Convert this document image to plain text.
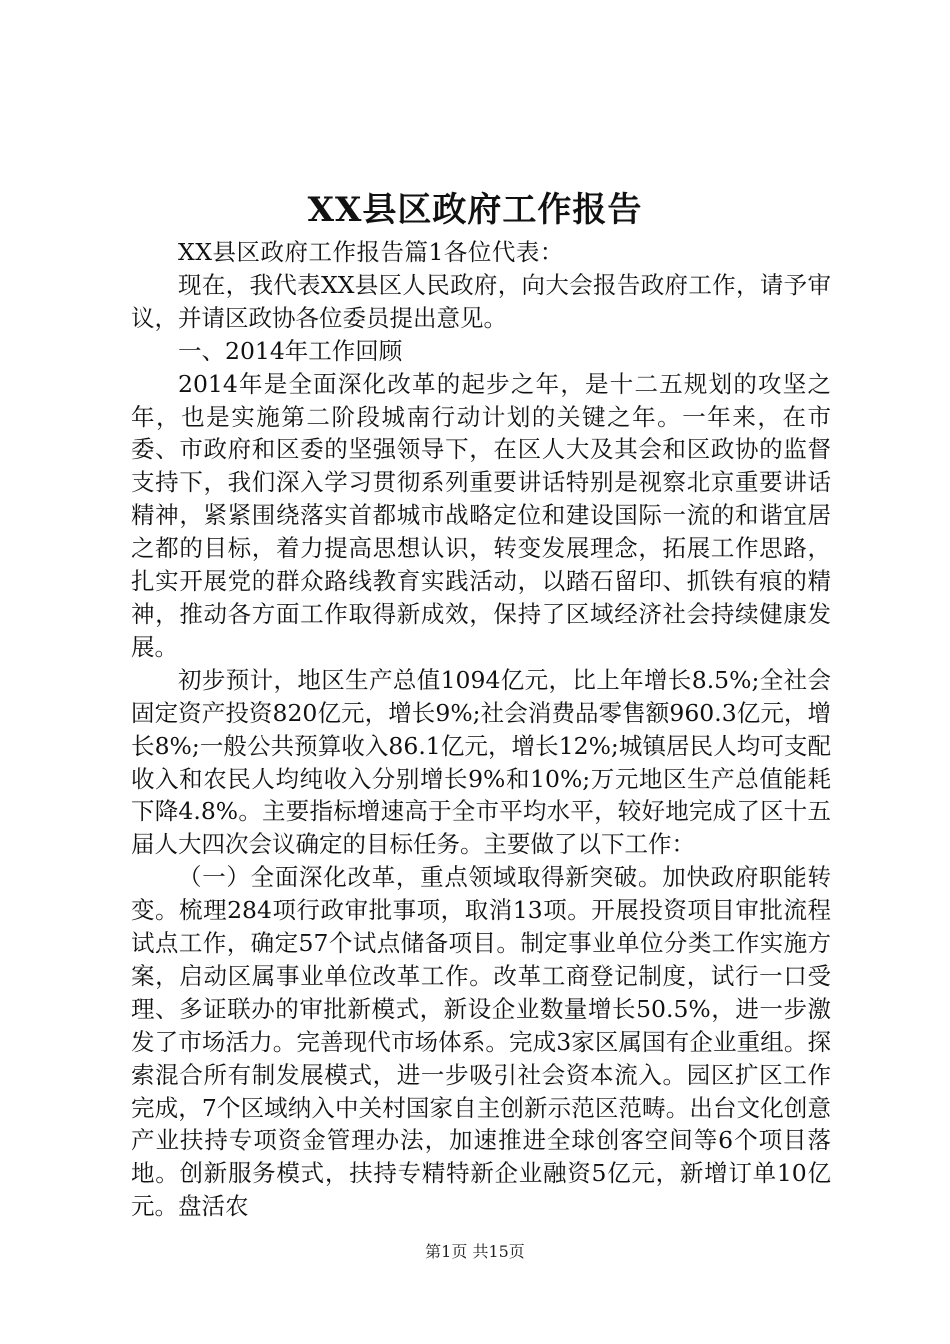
XX县区政府工作报告

XX县区政府工作报告篇1各位代表：

现在，我代表XX县区人民政府，向大会报告政府工作，请予审议，并请区政协各位委员提出意见。

一、2014年工作回顾

2014年是全面深化改革的起步之年，是十二五规划的攻坚之年，也是实施第二阶段城南行动计划的关键之年。一年来，在市委、市政府和区委的坚强领导下，在区人大及其会和区政协的监督支持下，我们深入学习贯彻系列重要讲话特别是视察北京重要讲话精神，紧紧围绕落实首都城市战略定位和建设国际一流的和谐宜居之都的目标，着力提高思想认识，转变发展理念，拓展工作思路，扎实开展党的群众路线教育实践活动，以踏石留印、抓铁有痕的精神，推动各方面工作取得新成效，保持了区域经济社会持续健康发展。

初步预计，地区生产总值1094亿元，比上年增长8.5%;全社会固定资产投资820亿元，增长9%;社会消费品零售额960.3亿元，增长8%;一般公共预算收入86.1亿元，增长12%;城镇居民人均可支配收入和农民人均纯收入分别增长9%和10%;万元地区生产总值能耗下降4.8%。主要指标增速高于全市平均水平，较好地完成了区十五届人大四次会议确定的目标任务。主要做了以下工作：

（一）全面深化改革，重点领域取得新突破。加快政府职能转变。梳理284项行政审批事项，取消13项。开展投资项目审批流程试点工作，确定57个试点储备项目。制定事业单位分类工作实施方案，启动区属事业单位改革工作。改革工商登记制度，试行一口受理、多证联办的审批新模式，新设企业数量增长50.5%，进一步激发了市场活力。完善现代市场体系。完成3家区属国有企业重组。探索混合所有制发展模式，进一步吸引社会资本流入。园区扩区工作完成，7个区域纳入中关村国家自主创新示范区范畴。出台文化创意产业扶持专项资金管理办法，加速推进全球创客空间等6个项目落地。创新服务模式，扶持专精特新企业融资5亿元，新增订单10亿元。盘活农

第1页 共15页
